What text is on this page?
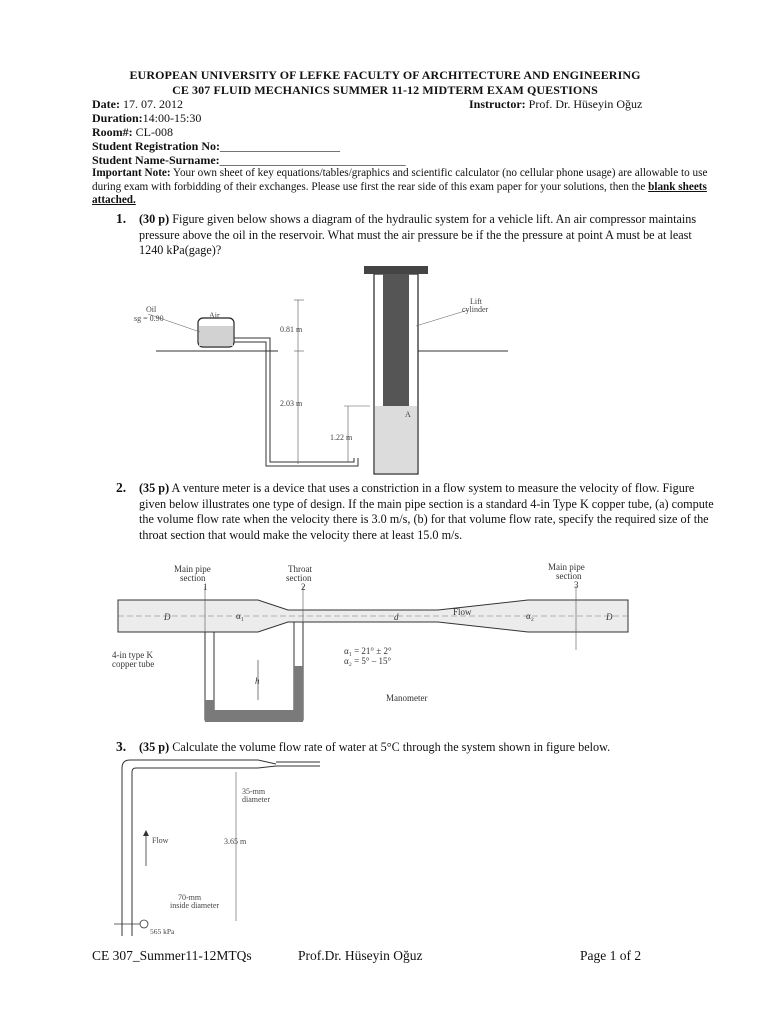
EUROPEAN UNIVERSITY OF LEFKE FACULTY OF ARCHITECTURE AND ENGINEERING
CE 307 FLUID MECHANICS SUMMER 11-12 MIDTERM EXAM QUESTIONS
Date: 17. 07. 2012	Instructor: Prof. Dr. Hüseyin Oğuz
Duration:14:00-15:30
Room#: CL-008
Student Registration No:____________________
Student Name-Surname:_______________________________
Important Note: Your own sheet of key equations/tables/graphics and scientific calculator (no cellular phone usage) are allowable to use during exam with forbidding of their exchanges. Please use first the rear side of this exam paper for your solutions, then the blank sheets attached.
1. (30 p) Figure given below shows a diagram of the hydraulic system for a vehicle lift. An air compressor maintains pressure above the oil in the reservoir. What must the air pressure be if the the pressure at point A must be at least 1240 kPa(gage)?
Oil
sg = 0.90	Air
Lift
cylinder
0.81 m
2.03 m
1.22 m
A
2. (35 p) A venture meter is a device that uses a constriction in a flow system to measure the velocity of flow. Figure given below illustrates one type of design. If the main pipe section is a standard 4-in Type K copper tube, (a) compute the volume flow rate when the velocity there is 3.0 m/s, (b) for that volume flow rate, specify the required size of the throat section that would make the velocity there at least 15.0 m/s.
Main pipe
section
1
Throat
section
2
Main pipe
section
3
D	D
α₁	α₂
d	Flow
4-in type K
copper tube
α₁ = 21° ± 2°
α₂ = 5° – 15°
h
Manometer
3. (35 p) Calculate the volume flow rate of water at 5°C through the system shown in figure below.
35-mm
diameter
Flow	3.65 m
70-mm
inside diameter
565 kPa
CE 307_Summer11-12MTQs	Prof.Dr. Hüseyin Oğuz	Page 1 of 2
